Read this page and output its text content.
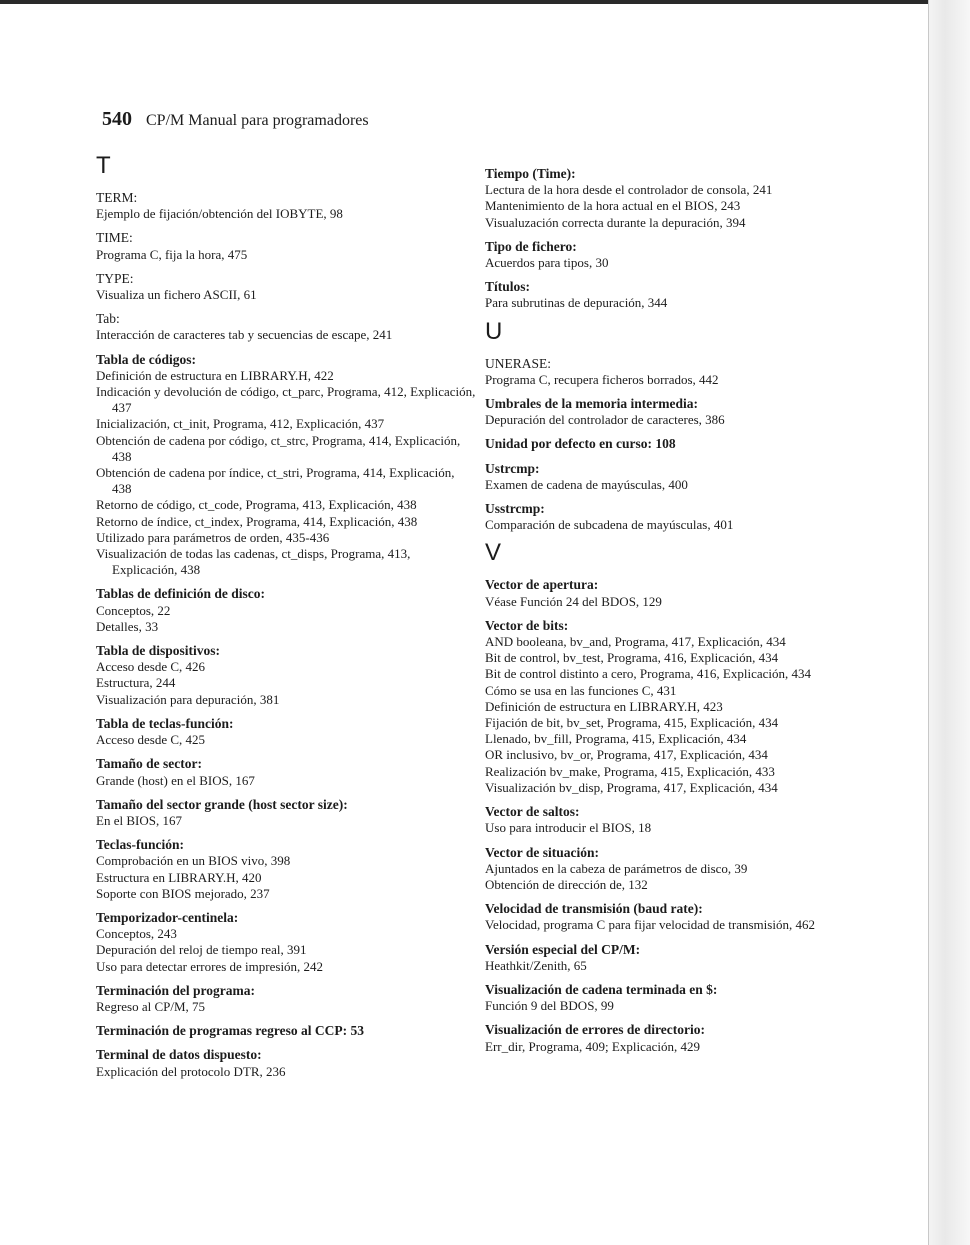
540 CP/M Manual para programadores
T
TERM:
Ejemplo de fijación/obtención del IOBYTE, 98
TIME:
Programa C, fija la hora, 475
TYPE:
Visualiza un fichero ASCII, 61
Tab:
Interacción de caracteres tab y secuencias de escape, 241
Tabla de códigos:
Definición de estructura en LIBRARY.H, 422
Indicación y devolución de código, ct_parc, Programa, 412, Explicación, 437
Inicialización, ct_init, Programa, 412, Explicación, 437
Obtención de cadena por código, ct_strc, Programa, 414, Explicación, 438
Obtención de cadena por índice, ct_stri, Programa, 414, Explicación, 438
Retorno de código, ct_code, Programa, 413, Explicación, 438
Retorno de índice, ct_index, Programa, 414, Explicación, 438
Utilizado para parámetros de orden, 435-436
Visualización de todas las cadenas, ct_disps, Programa, 413, Explicación, 438
Tablas de definición de disco:
Conceptos, 22
Detalles, 33
Tabla de dispositivos:
Acceso desde C, 426
Estructura, 244
Visualización para depuración, 381
Tabla de teclas-función:
Acceso desde C, 425
Tamaño de sector:
Grande (host) en el BIOS, 167
Tamaño del sector grande (host sector size):
En el BIOS, 167
Teclas-función:
Comprobación en un BIOS vivo, 398
Estructura en LIBRARY.H, 420
Soporte con BIOS mejorado, 237
Temporizador-centinela:
Conceptos, 243
Depuración del reloj de tiempo real, 391
Uso para detectar errores de impresión, 242
Terminación del programa:
Regreso al CP/M, 75
Terminación de programas regreso al CCP: 53
Terminal de datos dispuesto:
Explicación del protocolo DTR, 236
Tiempo (Time):
Lectura de la hora desde el controlador de consola, 241
Mantenimiento de la hora actual en el BIOS, 243
Visualuzación correcta durante la depuración, 394
Tipo de fichero:
Acuerdos para tipos, 30
Títulos:
Para subrutinas de depuración, 344
U
UNERASE:
Programa C, recupera ficheros borrados, 442
Umbrales de la memoria intermedia:
Depuración del controlador de caracteres, 386
Unidad por defecto en curso: 108
Ustrcmp:
Examen de cadena de mayúsculas, 400
Usstrcmp:
Comparación de subcadena de mayúsculas, 401
V
Vector de apertura:
Véase Función 24 del BDOS, 129
Vector de bits:
AND booleana, bv_and, Programa, 417, Explicación, 434
Bit de control, bv_test, Programa, 416, Explicación, 434
Bit de control distinto a cero, Programa, 416, Explicación, 434
Cómo se usa en las funciones C, 431
Definición de estructura en LIBRARY.H, 423
Fijación de bit, bv_set, Programa, 415, Explicación, 434
Llenado, bv_fill, Programa, 415, Explicación, 434
OR inclusivo, bv_or, Programa, 417, Explicación, 434
Realización bv_make, Programa, 415, Explicación, 433
Visualización bv_disp, Programa, 417, Explicación, 434
Vector de saltos:
Uso para introducir el BIOS, 18
Vector de situación:
Ajuntados en la cabeza de parámetros de disco, 39
Obtención de dirección de, 132
Velocidad de transmisión (baud rate):
Velocidad, programa C para fijar velocidad de transmisión, 462
Versión especial del CP/M:
Heathkit/Zenith, 65
Visualización de cadena terminada en $:
Función 9 del BDOS, 99
Visualización de errores de directorio:
Err_dir, Programa, 409; Explicación, 429
